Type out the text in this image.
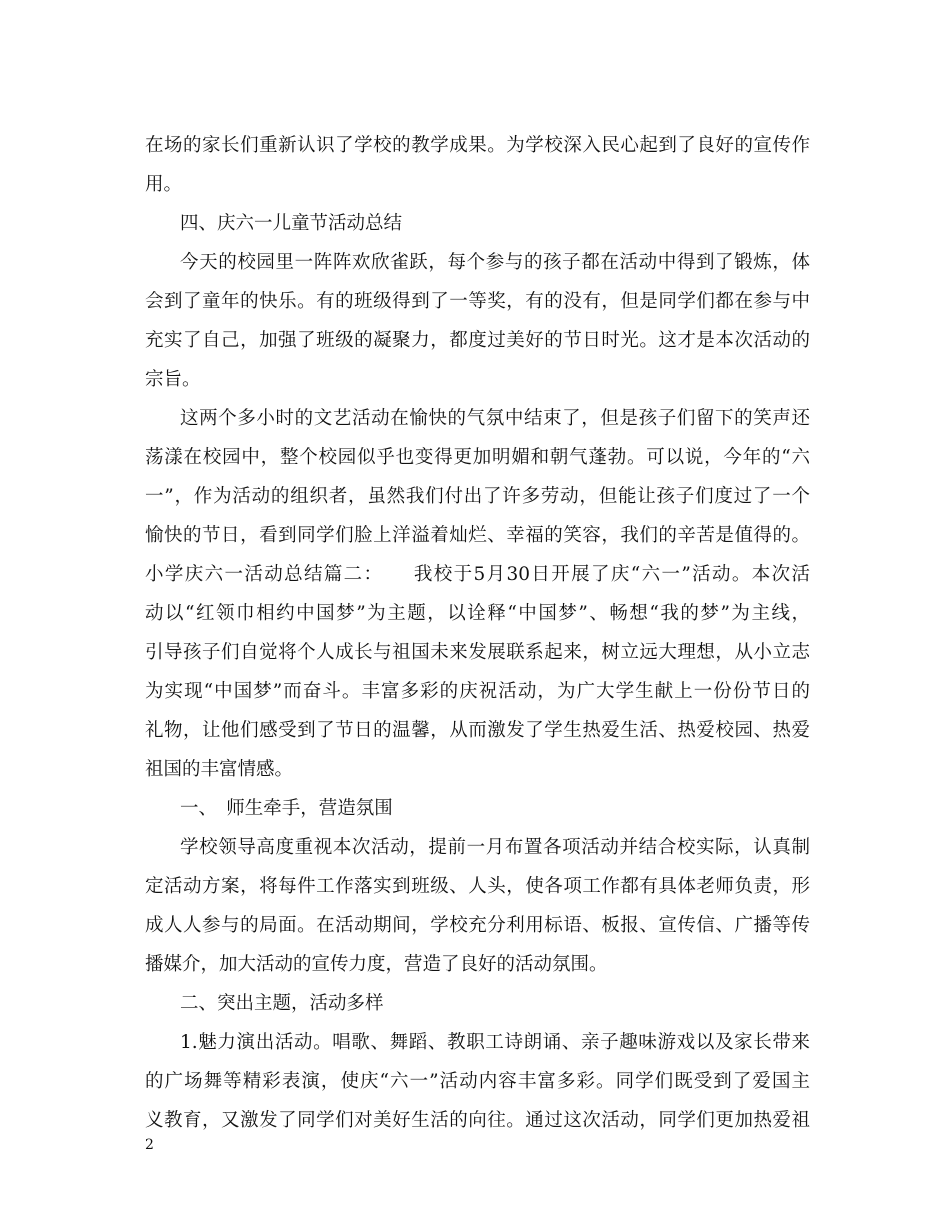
在场的家长们重新认识了学校的教学成果。为学校深入民心起到了良好的宣传作
用。
四、庆六一儿童节活动总结
今天的校园里一阵阵欢欣雀跃，每个参与的孩子都在活动中得到了锻炼，体
会到了童年的快乐。有的班级得到了一等奖，有的没有，但是同学们都在参与中
充实了自己，加强了班级的凝聚力，都度过美好的节日时光。这才是本次活动的
宗旨。
这两个多小时的文艺活动在愉快的气氛中结束了，但是孩子们留下的笑声还
荡漾在校园中，整个校园似乎也变得更加明媚和朝气蓬勃。可以说，今年的“六
一”，作为活动的组织者，虽然我们付出了许多劳动，但能让孩子们度过了一个
愉快的节日，看到同学们脸上洋溢着灿烂、幸福的笑容，我们的辛苦是值得的。
小学庆六一活动总结篇二：　　我校于5月30日开展了庆“六一”活动。本次活
动以“红领巾相约中国梦”为主题，以诠释“中国梦”、畅想“我的梦”为主线，
引导孩子们自觉将个人成长与祖国未来发展联系起来，树立远大理想，从小立志
为实现“中国梦”而奋斗。丰富多彩的庆祝活动，为广大学生献上一份份节日的
礼物，让他们感受到了节日的温馨，从而激发了学生热爱生活、热爱校园、热爱
祖国的丰富情感。
一、　师生牵手，营造氛围
学校领导高度重视本次活动，提前一月布置各项活动并结合校实际，认真制
定活动方案，将每件工作落实到班级、人头，使各项工作都有具体老师负责，形
成人人参与的局面。在活动期间，学校充分利用标语、板报、宣传信、广播等传
播媒介，加大活动的宣传力度，营造了良好的活动氛围。
二、突出主题，活动多样
1.魅力演出活动。唱歌、舞蹈、教职工诗朗诵、亲子趣味游戏以及家长带来
的广场舞等精彩表演，使庆“六一”活动内容丰富多彩。同学们既受到了爱国主
义教育，又激发了同学们对美好生活的向往。通过这次活动，同学们更加热爱祖
2
